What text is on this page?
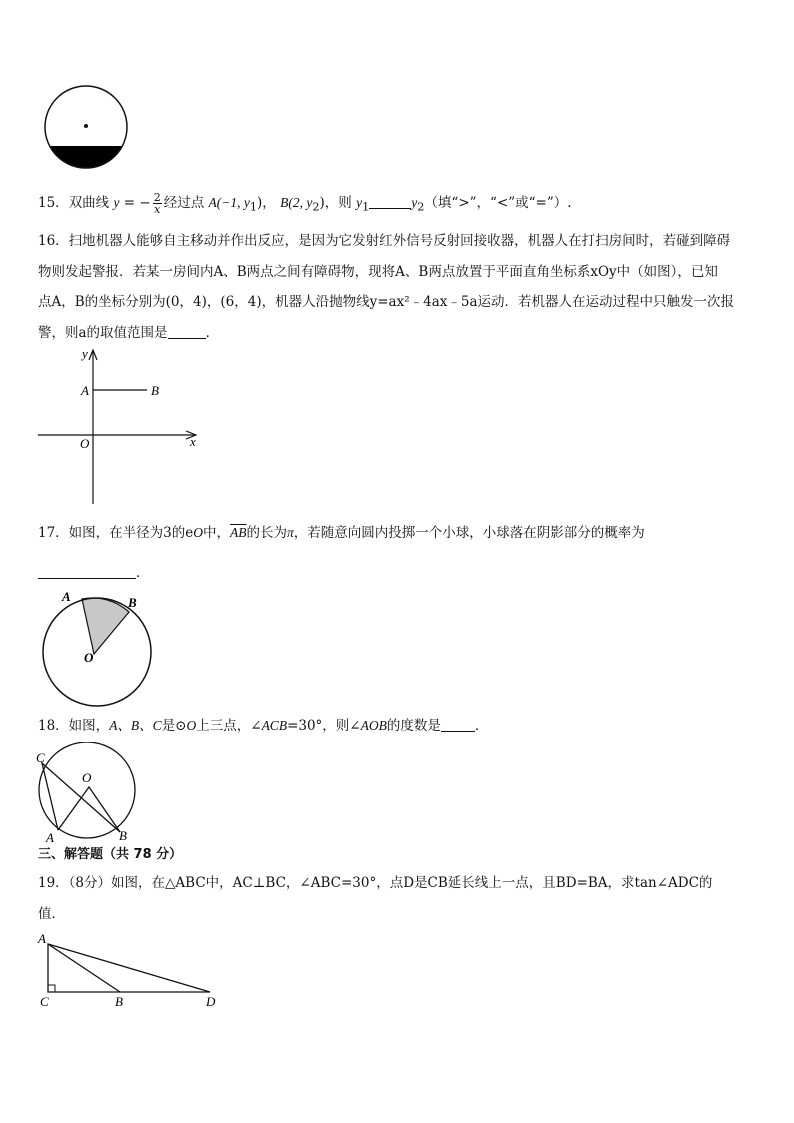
15．双曲线 y = − $\frac{2}{x}$ 经过点 A(−1, $y_1$)， B(2, $y_2$)，则 $y_1$	$y_2$（填“>”，“<”或“=”）.
16．扫地机器人能够自主移动并作出反应，是因为它发射红外信号反射回接收器，机器人在打扫房间时，若碰到障碍
物则发起警报．若某一房间内A、B两点之间有障碍物，现将A、B两点放置于平面直角坐标系xOy中（如图），已知
点A，B的坐标分别为(0，4)，(6，4)，机器人沿抛物线y=ax²﹣4ax﹣5a运动．若机器人在运动过程中只触发一次报
警，则a的取值范围是	．
y
x
O
A	B
17．如图，在半径为3的eO中，$\overline{AB}$的长为π，若随意向圆内投掷一个小球，小球落在阴影部分的概率为
．
A	B
O
18．如图，A、B、C是⊙O上三点，∠ACB=30°，则∠AOB的度数是	．
C
O
A	B
三、解答题（共 78 分）
19．（8分）如图，在△ABC中，AC⊥BC，∠ABC=30°，点D是CB延长线上一点，且BD=BA，求tan∠ADC的
值．
A
C	B	D
